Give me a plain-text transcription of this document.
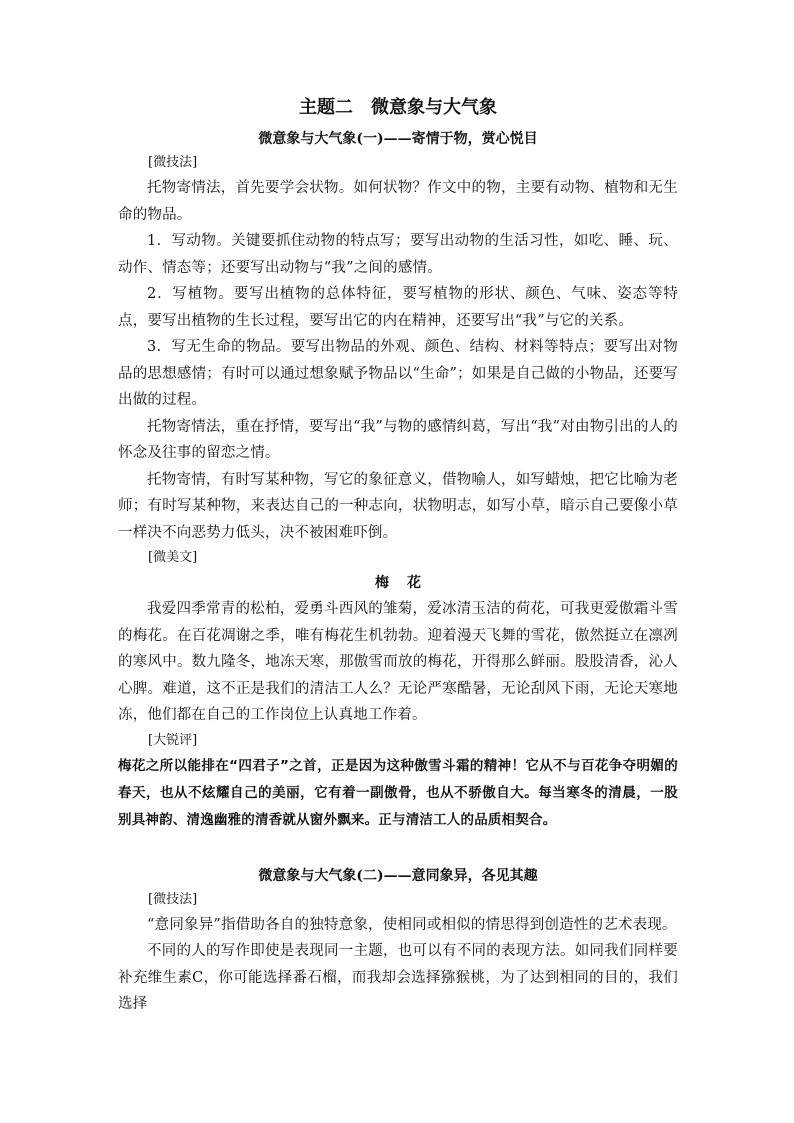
主题二　微意象与大气象
微意象与大气象(一)——寄情于物，赏心悦目

[微技法]

托物寄情法，首先要学会状物。如何状物？作文中的物，主要有动物、植物和无生命的物品。

1．写动物。关键要抓住动物的特点写；要写出动物的生活习性，如吃、睡、玩、动作、情态等；还要写出动物与“我”之间的感情。

2．写植物。要写出植物的总体特征，要写植物的形状、颜色、气味、姿态等特点，要写出植物的生长过程，要写出它的内在精神，还要写出“我”与它的关系。

3．写无生命的物品。要写出物品的外观、颜色、结构、材料等特点；要写出对物品的思想感情；有时可以通过想象赋予物品以“生命”；如果是自己做的小物品，还要写出做的过程。

托物寄情法，重在抒情，要写出“我”与物的感情纠葛，写出“我”对由物引出的人的怀念及往事的留恋之情。

托物寄情，有时写某种物，写它的象征意义，借物喻人，如写蜡烛，把它比喻为老师；有时写某种物，来表达自己的一种志向，状物明志，如写小草，暗示自己要像小草一样决不向恶势力低头，决不被困难吓倒。

[微美文]

梅花

我爱四季常青的松柏，爱勇斗西风的雏菊，爱冰清玉洁的荷花，可我更爱傲霜斗雪的梅花。在百花凋谢之季，唯有梅花生机勃勃。迎着漫天飞舞的雪花，傲然挺立在凛冽的寒风中。数九隆冬，地冻天寒，那傲雪而放的梅花，开得那么鲜丽。股股清香，沁人心脾。难道，这不正是我们的清洁工人么？无论严寒酷暑，无论刮风下雨，无论天寒地冻，他们都在自己的工作岗位上认真地工作着。

[大锐评]

梅花之所以能排在“四君子”之首，正是因为这种傲雪斗霜的精神！它从不与百花争夺明媚的春天，也从不炫耀自己的美丽，它有着一副傲骨，也从不骄傲自大。每当寒冬的清晨，一股别具神韵、清逸幽雅的清香就从窗外飘来。正与清洁工人的品质相契合。

微意象与大气象(二)——意同象异，各见其趣

[微技法]

“意同象异”指借助各自的独特意象，使相同或相似的情思得到创造性的艺术表现。

不同的人的写作即使是表现同一主题，也可以有不同的表现方法。如同我们同样要补充维生素C，你可能选择番石榴，而我却会选择猕猴桃，为了达到相同的目的，我们选择
